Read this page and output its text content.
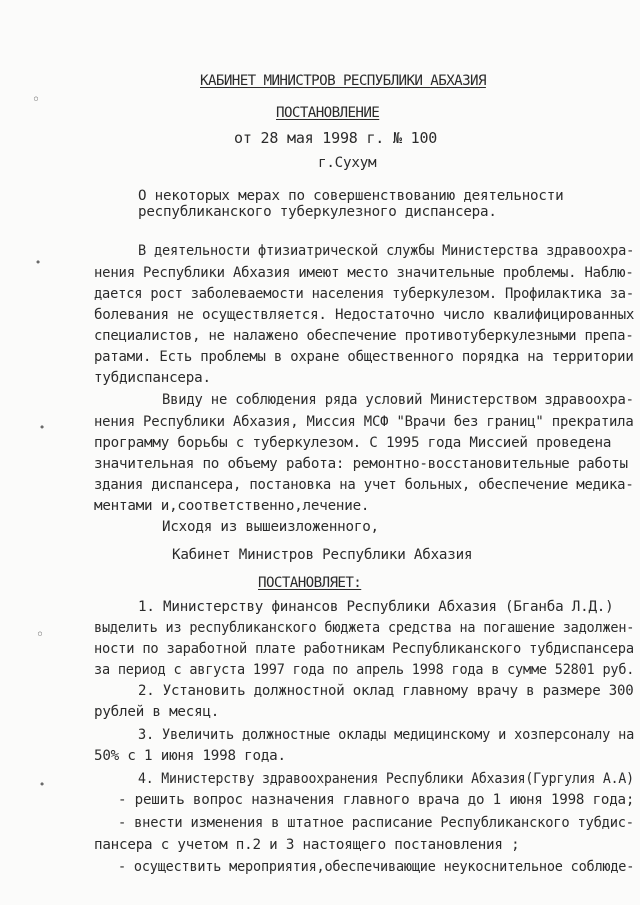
◦
•
•
◦
•
КАБИНЕТ МИНИСТРОВ РЕСПУБЛИКИ АБХАЗИЯ
ПОСТАНОВЛЕНИЕ
от 28 мая 1998 г. № 100
г.Сухум
О некоторых мерах по совершенствованию деятельности
республиканского туберкулезного диспансера.
В деятельности фтизиатрической службы Министерства здравоохра-
нения Республики Абхазия имеют место значительные проблемы. Наблю-
дается рост заболеваемости населения туберкулезом. Профилактика за-
болевания не осуществляется. Недостаточно число квалифицированных
специалистов, не налажено обеспечение противотуберкулезными препа-
ратами. Есть проблемы в охране общественного порядка на территории
тубдиспансера.
Ввиду не соблюдения ряда условий Министерством здравоохра-
нения Республики Абхазия, Миссия МСФ "Врачи без границ" прекратила
программу борьбы с туберкулезом. С 1995 года Миссией проведена
значительная по объему работа: ремонтно-восстановительные работы
здания диспансера, постановка на учет больных, обеспечение медика-
ментами и,соответственно,лечение.
Исходя из вышеизложенного,
Кабинет Министров Республики Абхазия
ПОСТАНОВЛЯЕТ:
1. Министерству финансов Республики Абхазия (Бганба Л.Д.)
выделить из республиканского бюджета средства на погашение задолжен-
ности по заработной плате работникам Республиканского тубдиспансера
за период с августа 1997 года по апрель 1998 года в сумме 52801 руб.
2. Установить должностной оклад главному врачу в размере 300
рублей в месяц.
3. Увеличить должностные оклады медицинскому и хозперсоналу на
50% с 1 июня 1998 года.
4. Министерству здравоохранения Республики Абхазия(Гургулия А.А)
- решить вопрос назначения главного врача до 1 июня 1998 года;
- внести изменения в штатное расписание Республиканского тубдис-
пансера с учетом п.2 и 3 настоящего постановления ;
- осуществить мероприятия,обеспечивающие неукоснительное соблюде-
